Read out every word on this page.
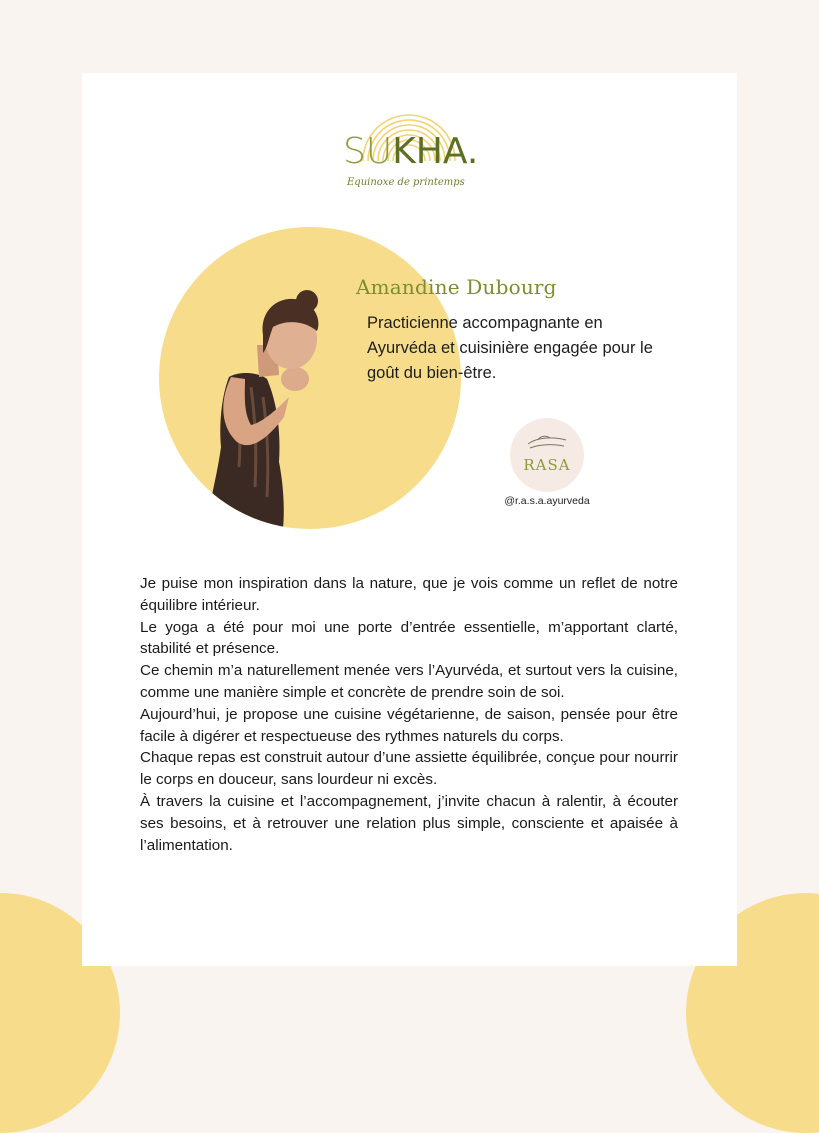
SUKHA.
Equinoxe de printemps
Amandine Dubourg
Practicienne accompagnante en Ayurvéda et cuisinière engagée pour le goût du bien-être.
RASA
@r.a.s.a.ayurveda

Je puise mon inspiration dans la nature, que je vois comme un reflet de notre équilibre intérieur.

Le yoga a été pour moi une porte d’entrée essentielle, m’apportant clarté, stabilité et présence.

Ce chemin m’a naturellement menée vers l’Ayurvéda, et surtout vers la cuisine, comme une manière simple et concrète de prendre soin de soi.

Aujourd’hui, je propose une cuisine végétarienne, de saison, pensée pour être facile à digérer et respectueuse des rythmes naturels du corps.

Chaque repas est construit autour d’une assiette équilibrée, conçue pour nourrir le corps en douceur, sans lourdeur ni excès.

À travers la cuisine et l’accompagnement, j’invite chacun à ralentir, à écouter ses besoins, et à retrouver une relation plus simple, consciente et apaisée à l’alimentation.
